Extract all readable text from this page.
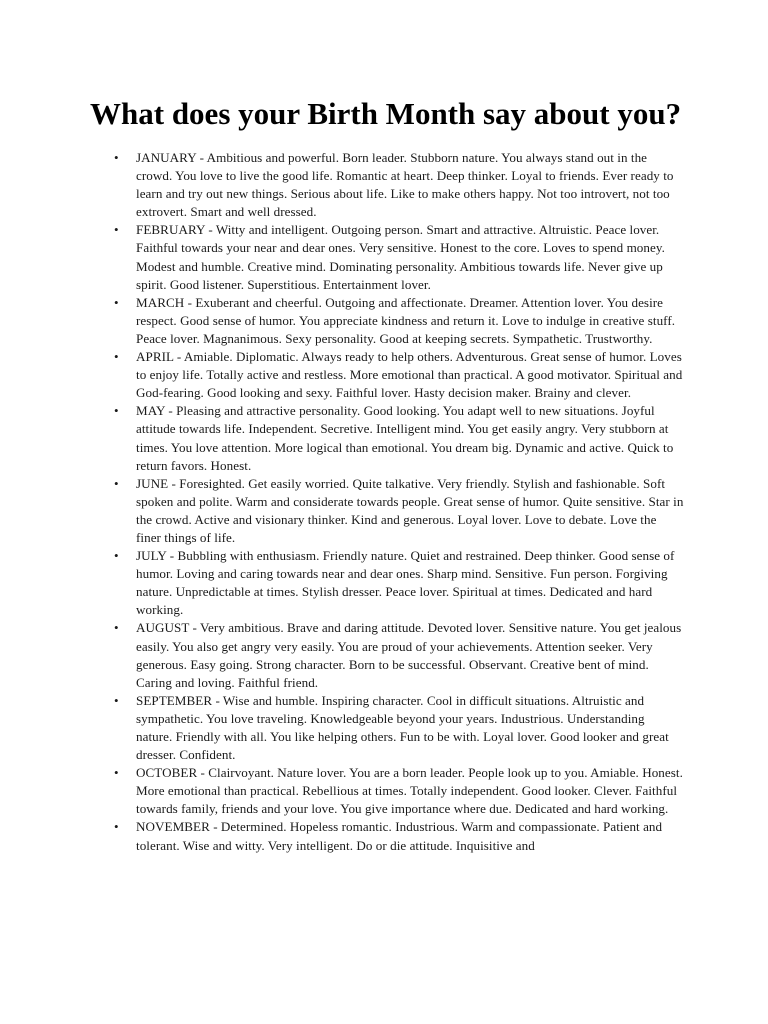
What does your Birth Month say about you?
• JANUARY - Ambitious and powerful. Born leader. Stubborn nature. You always stand out in the crowd. You love to live the good life. Romantic at heart. Deep thinker. Loyal to friends. Ever ready to learn and try out new things. Serious about life. Like to make others happy. Not too introvert, not too extrovert. Smart and well dressed.
• FEBRUARY - Witty and intelligent. Outgoing person. Smart and attractive. Altruistic. Peace lover. Faithful towards your near and dear ones. Very sensitive. Honest to the core. Loves to spend money. Modest and humble. Creative mind. Dominating personality. Ambitious towards life. Never give up spirit. Good listener. Superstitious. Entertainment lover.
• MARCH - Exuberant and cheerful. Outgoing and affectionate. Dreamer. Attention lover. You desire respect. Good sense of humor. You appreciate kindness and return it. Love to indulge in creative stuff. Peace lover. Magnanimous. Sexy personality. Good at keeping secrets. Sympathetic. Trustworthy.
• APRIL - Amiable. Diplomatic. Always ready to help others. Adventurous. Great sense of humor. Loves to enjoy life. Totally active and restless. More emotional than practical. A good motivator. Spiritual and God-fearing. Good looking and sexy. Faithful lover. Hasty decision maker. Brainy and clever.
• MAY - Pleasing and attractive personality. Good looking. You adapt well to new situations. Joyful attitude towards life. Independent. Secretive. Intelligent mind. You get easily angry. Very stubborn at times. You love attention. More logical than emotional. You dream big. Dynamic and active. Quick to return favors. Honest.
• JUNE - Foresighted. Get easily worried. Quite talkative. Very friendly. Stylish and fashionable. Soft spoken and polite. Warm and considerate towards people. Great sense of humor. Quite sensitive. Star in the crowd. Active and visionary thinker. Kind and generous. Loyal lover. Love to debate. Love the finer things of life.
• JULY - Bubbling with enthusiasm. Friendly nature. Quiet and restrained. Deep thinker. Good sense of humor. Loving and caring towards near and dear ones. Sharp mind. Sensitive. Fun person. Forgiving nature. Unpredictable at times. Stylish dresser. Peace lover. Spiritual at times. Dedicated and hard working.
• AUGUST - Very ambitious. Brave and daring attitude. Devoted lover. Sensitive nature. You get jealous easily. You also get angry very easily. You are proud of your achievements. Attention seeker. Very generous. Easy going. Strong character. Born to be successful. Observant. Creative bent of mind. Caring and loving. Faithful friend.
• SEPTEMBER - Wise and humble. Inspiring character. Cool in difficult situations. Altruistic and sympathetic. You love traveling. Knowledgeable beyond your years. Industrious. Understanding nature. Friendly with all. You like helping others. Fun to be with. Loyal lover. Good looker and great dresser. Confident.
• OCTOBER - Clairvoyant. Nature lover. You are a born leader. People look up to you. Amiable. Honest. More emotional than practical. Rebellious at times. Totally independent. Good looker. Clever. Faithful towards family, friends and your love. You give importance where due. Dedicated and hard working.
• NOVEMBER - Determined. Hopeless romantic. Industrious. Warm and compassionate. Patient and tolerant. Wise and witty. Very intelligent. Do or die attitude. Inquisitive and
